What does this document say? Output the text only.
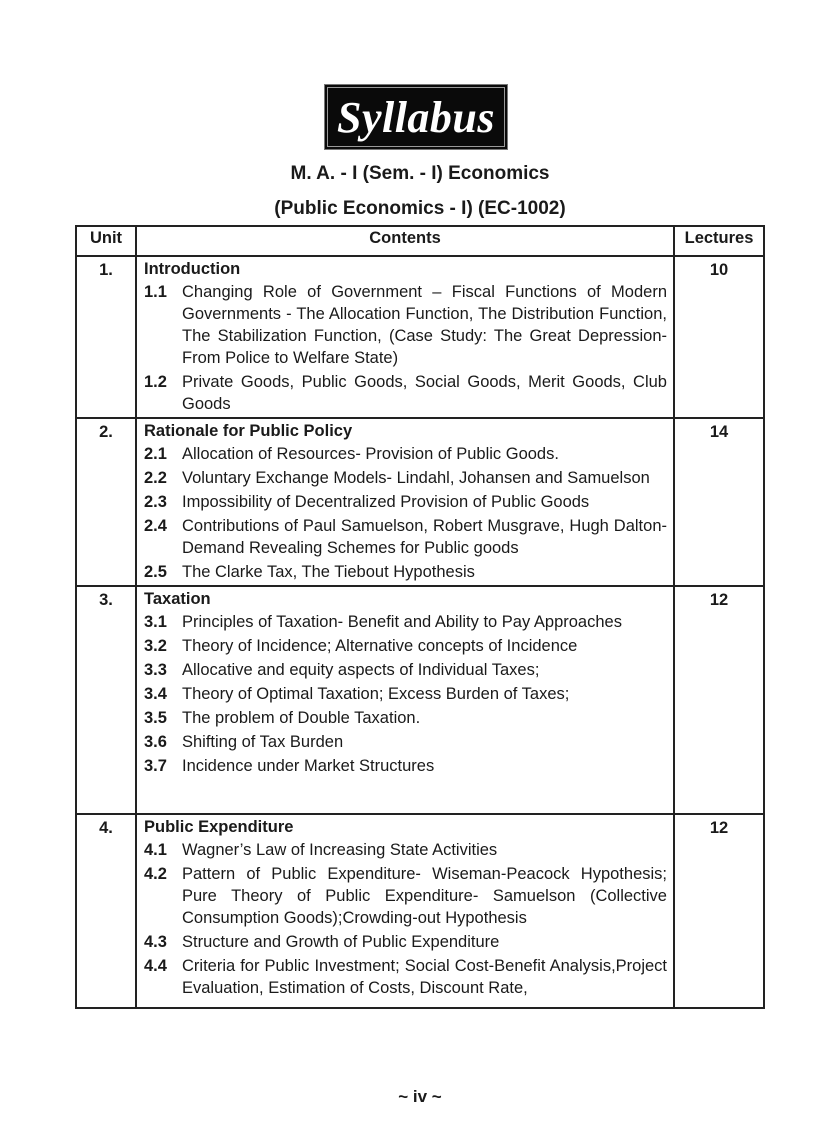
Syllabus
M. A. - I (Sem. - I) Economics
(Public Economics - I) (EC-1002)
Unit	Contents	Lectures
1.	Introduction
1.1 Changing Role of Government – Fiscal Functions of Modern Governments - The Allocation Function, The Distribution Function, The Stabilization Function, (Case Study: The Great Depression- From Police to Welfare State)
1.2 Private Goods, Public Goods, Social Goods, Merit Goods, Club Goods	10
2.	Rationale for Public Policy
2.1 Allocation of Resources- Provision of Public Goods.
2.2 Voluntary Exchange Models- Lindahl, Johansen and Samuelson
2.3 Impossibility of Decentralized Provision of Public Goods
2.4 Contributions of Paul Samuelson, Robert Musgrave, Hugh Dalton- Demand Revealing Schemes for Public goods
2.5 The Clarke Tax, The Tiebout Hypothesis
	14
3.	Taxation
3.1 Principles of Taxation- Benefit and Ability to Pay Approaches
3.2 Theory of Incidence; Alternative concepts of Incidence
3.3 Allocative and equity aspects of Individual Taxes;
3.4 Theory of Optimal Taxation; Excess Burden of Taxes;
3.5 The problem of Double Taxation.
3.6 Shifting of Tax Burden
3.7 Incidence under Market Structures
	12
4.	Public Expenditure
4.1 Wagner’s Law of Increasing State Activities
4.2 Pattern of Public Expenditure- Wiseman-Peacock Hypothesis; Pure Theory of Public Expenditure- Samuelson (Collective Consumption Goods);Crowding-out Hypothesis
4.3 Structure and Growth of Public Expenditure
4.4 Criteria for Public Investment; Social Cost-Benefit Analysis,Project Evaluation, Estimation of Costs, Discount Rate,
	12
~ iv ~
